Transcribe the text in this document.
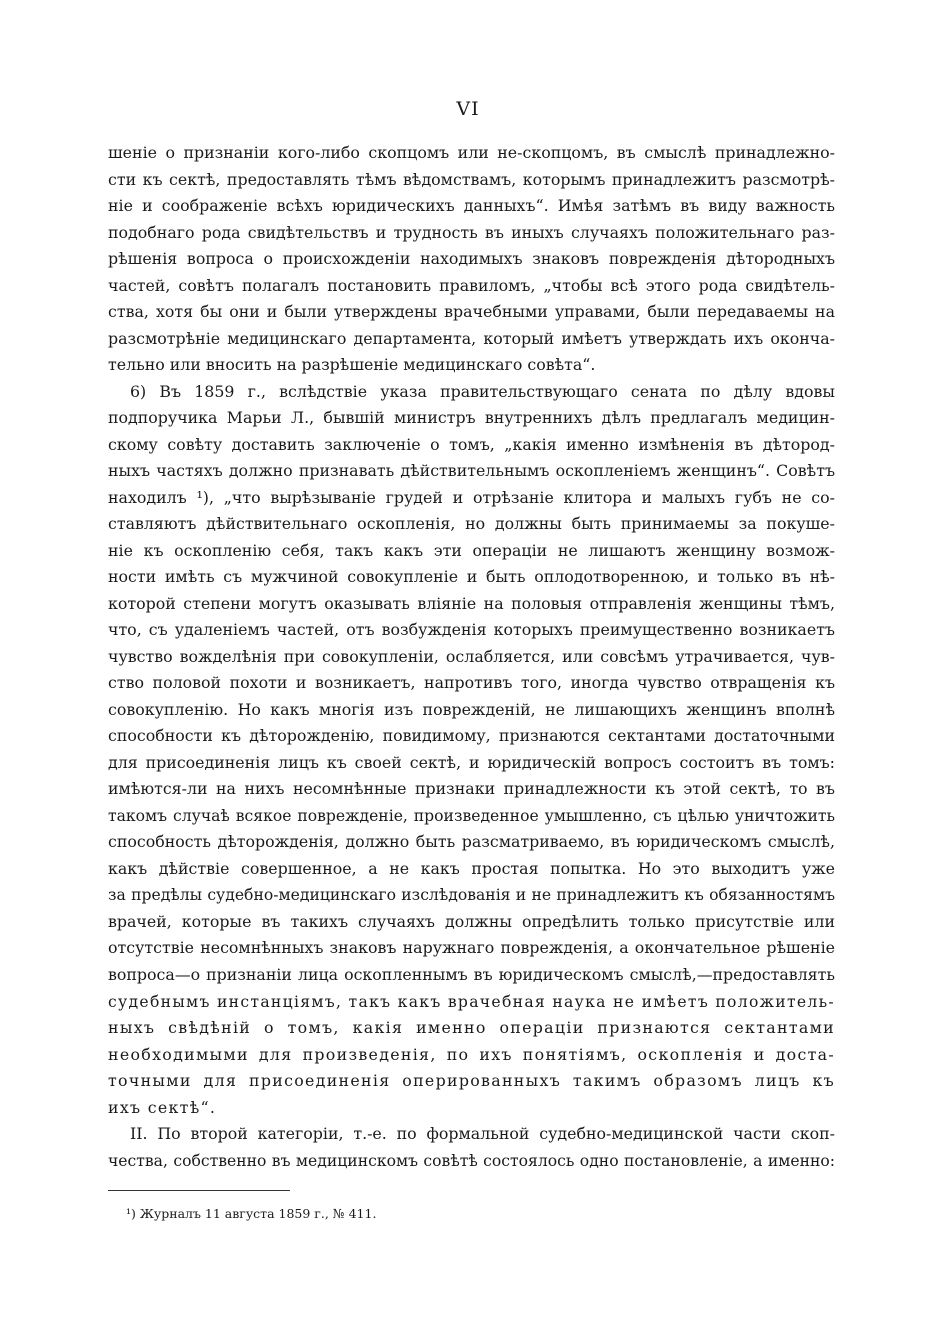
VI
шеніе о признаніи кого-либо скопцомъ или не-скопцомъ, въ смыслѣ принадлежно-
сти къ сектѣ, предоставлять тѣмъ вѣдомствамъ, которымъ принадлежитъ разсмотрѣ-
ніе и соображеніе всѣхъ юридическихъ данныхъ“. Имѣя затѣмъ въ виду важность
подобнаго рода свидѣтельствъ и трудность въ иныхъ случаяхъ положительнаго раз-
рѣшенія вопроса о происхожденіи находимыхъ знаковъ поврежденія дѣтородныхъ
частей, совѣтъ полагалъ постановить правиломъ, „чтобы всѣ этого рода свидѣтель-
ства, хотя бы они и были утверждены врачебными управами, были передаваемы на
разсмотрѣніе медицинскаго департамента, который имѣетъ утверждать ихъ оконча-
тельно или вносить на разрѣшеніе медицинскаго совѣта“.
6) Въ 1859 г., вслѣдствіе указа правительствующаго сената по дѣлу вдовы
подпоручика Марьи Л., бывшій министръ внутреннихъ дѣлъ предлагалъ медицин-
скому совѣту доставить заключеніе о томъ, „какія именно измѣненія въ дѣтород-
ныхъ частяхъ должно признавать дѣйствительнымъ оскопленіемъ женщинъ“. Совѣтъ
находилъ ¹), „что вырѣзываніе грудей и отрѣзаніе клитора и малыхъ губъ не со-
ставляютъ дѣйствительнаго оскопленія, но должны быть принимаемы за покуше-
ніе къ оскопленію себя, такъ какъ эти операціи не лишаютъ женщину возмож-
ности имѣть съ мужчиной совокупленіе и быть оплодотворенною, и только въ нѣ-
которой степени могутъ оказывать вліяніе на половыя отправленія женщины тѣмъ,
что, съ удаленіемъ частей, отъ возбужденія которыхъ преимущественно возникаетъ
чувство вожделѣнія при совокупленіи, ослабляется, или совсѣмъ утрачивается, чув-
ство половой похоти и возникаетъ, напротивъ того, иногда чувство отвращенія къ
совокупленію. Но какъ многія изъ поврежденій, не лишающихъ женщинъ вполнѣ
способности къ дѣторожденію, повидимому, признаются сектантами достаточными
для присоединенія лицъ къ своей сектѣ, и юридическій вопросъ состоитъ въ томъ:
имѣются-ли на нихъ несомнѣнные признаки принадлежности къ этой сектѣ, то въ
такомъ случаѣ всякое поврежденіе, произведенное умышленно, съ цѣлью уничтожить
способность дѣторожденія, должно быть разсматриваемо, въ юридическомъ смыслѣ,
какъ дѣйствіе совершенное, а не какъ простая попытка. Но это выходитъ уже
за предѣлы судебно-медицинскаго изслѣдованія и не принадлежитъ къ обязанностямъ
врачей, которые въ такихъ случаяхъ должны опредѣлить только присутствіе или
отсутствіе несомнѣнныхъ знаковъ наружнаго поврежденія, а окончательное рѣшеніе
вопроса—о признаніи лица оскопленнымъ въ юридическомъ смыслѣ,—предоставлять
судебнымъ инстанціямъ, такъ какъ врачебная наука не имѣетъ положитель-
ныхъ свѣдѣній о томъ, какія именно операціи признаются сектантами
необходимыми для произведенія, по ихъ понятіямъ, оскопленія и доста-
точными для присоединенія оперированныхъ такимъ образомъ лицъ къ
ихъ сектѣ“.
II. По второй категоріи, т.-е. по формальной судебно-медицинской части скоп-
чества, собственно въ медицинскомъ совѣтѣ состоялось одно постановленіе, а именно:
¹) Журналъ 11 августа 1859 г., № 411.
